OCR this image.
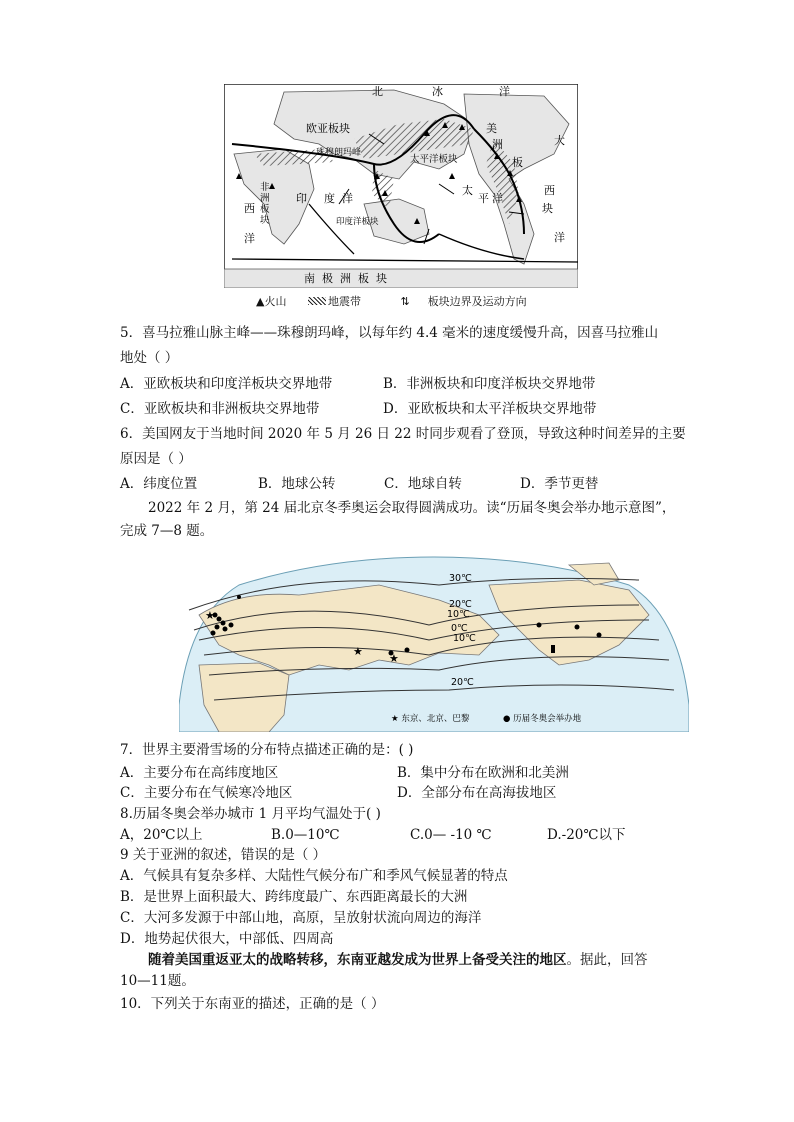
北	冰	洋
欧亚板块
珠穆朗玛峰
太平洋板块
非
洲
板
块
印 度 洋
印度洋板块
太
平 洋
美
洲
板
大
西
洋
块
西
洋
南  极  洲  板  块
▲火山	地震带	⇅ 板块边界及运动方向
5．喜马拉雅山脉主峰——珠穆朗玛峰，以每年约 4.4 毫米的速度缓慢升高，因喜马拉雅山
地处（ ）
A．亚欧板块和印度洋板块交界地带	B．非洲板块和印度洋板块交界地带
C．亚欧板块和非洲板块交界地带	D．亚欧板块和太平洋板块交界地带
6．美国网友于当地时间 2020 年 5 月 26 日 22 时同步观看了登顶，导致这种时间差异的主要
原因是（ ）
A．纬度位置	B．地球公转	C．地球自转	D．季节更替
2022 年 2 月，第 24 届北京冬季奥运会取得圆满成功。读“历届冬奥会举办地示意图”，
完成 7—8 题。
30℃
20℃
10℃
0℃
10℃
20℃
★
★
★
★ 东京、北京、巴黎	● 历届冬奥会举办地
7．世界主要滑雪场的分布特点描述正确的是：( )
A．主要分布在高纬度地区	B．集中分布在欧洲和北美洲
C．主要分布在气候寒冷地区	D．全部分布在高海拔地区
8.历届冬奥会举办城市 1 月平均气温处于( )
A，20℃以上	B.0—10℃	C.0— -10 ℃	D.-20℃以下
9 关于亚洲的叙述，错误的是（ ）
A．气候具有复杂多样、大陆性气候分布广和季风气候显著的特点
B．是世界上面积最大、跨纬度最广、东西距离最长的大洲
C．大河多发源于中部山地，高原，呈放射状流向周边的海洋
D．地势起伏很大，中部低、四周高
随着美国重返亚太的战略转移，东南亚越发成为世界上备受关注的地区。据此，回答
10—11题。
10．下列关于东南亚的描述，正确的是（ ）
